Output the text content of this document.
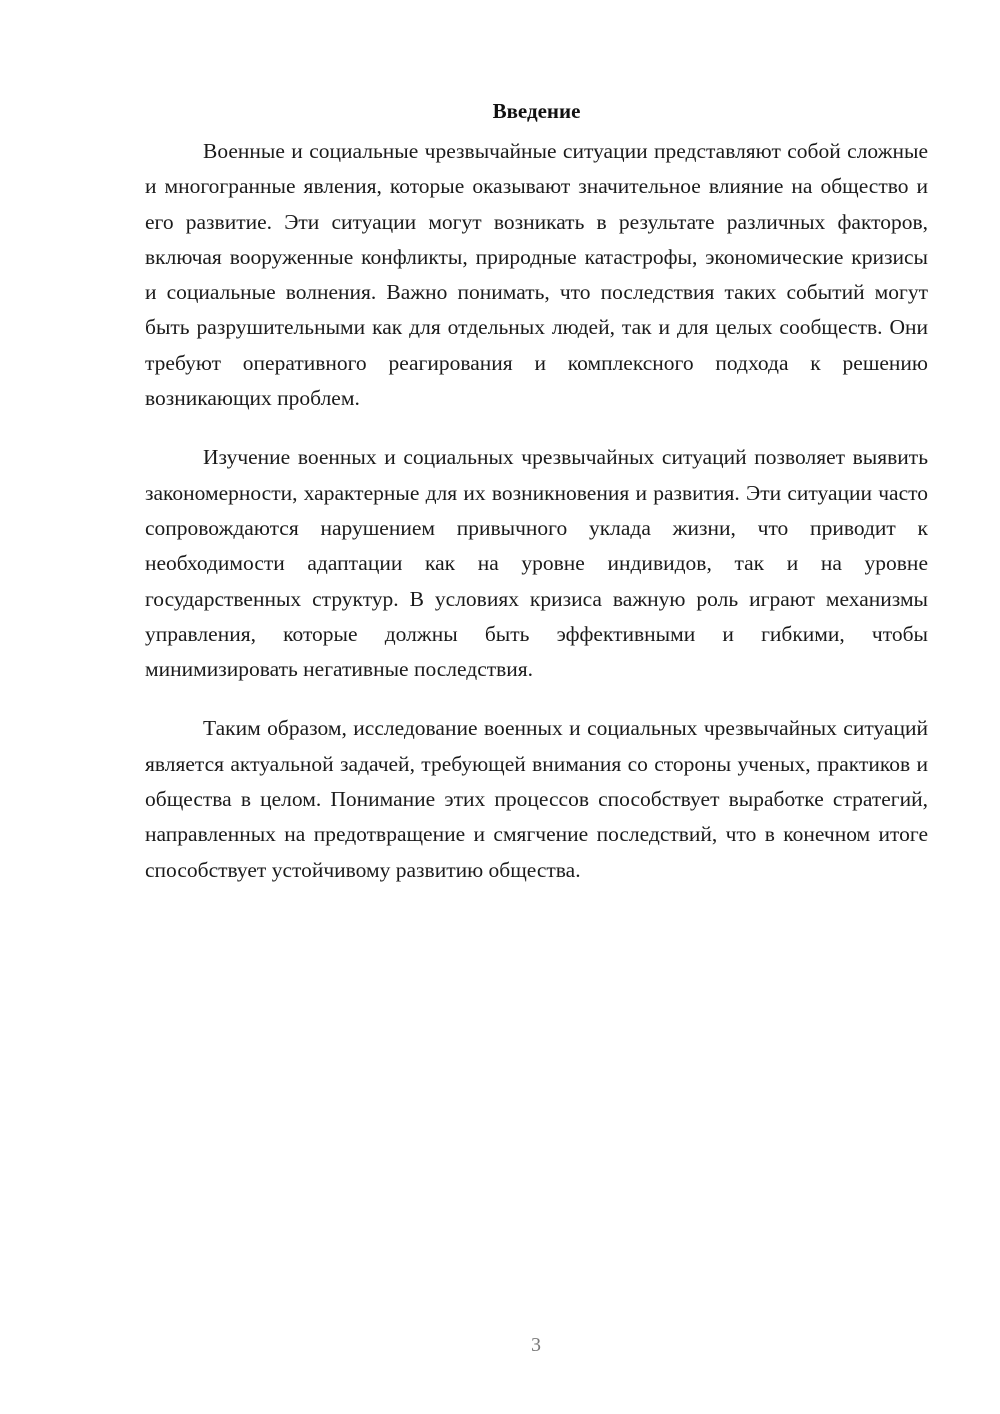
Введение

Военные и социальные чрезвычайные ситуации представляют собой сложные и многогранные явления, которые оказывают значительное влияние на общество и его развитие. Эти ситуации могут возникать в результате различных факторов, включая вооруженные конфликты, природные катастрофы, экономические кризисы и социальные волнения. Важно понимать, что последствия таких событий могут быть разрушительными как для отдельных людей, так и для целых сообществ. Они требуют оперативного реагирования и комплексного подхода к решению возникающих проблем.

Изучение военных и социальных чрезвычайных ситуаций позволяет выявить закономерности, характерные для их возникновения и развития. Эти ситуации часто сопровождаются нарушением привычного уклада жизни, что приводит к необходимости адаптации как на уровне индивидов, так и на уровне государственных структур. В условиях кризиса важную роль играют механизмы управления, которые должны быть эффективными и гибкими, чтобы минимизировать негативные последствия.

Таким образом, исследование военных и социальных чрезвычайных ситуаций является актуальной задачей, требующей внимания со стороны ученых, практиков и общества в целом. Понимание этих процессов способствует выработке стратегий, направленных на предотвращение и смягчение последствий, что в конечном итоге способствует устойчивому развитию общества.

3
